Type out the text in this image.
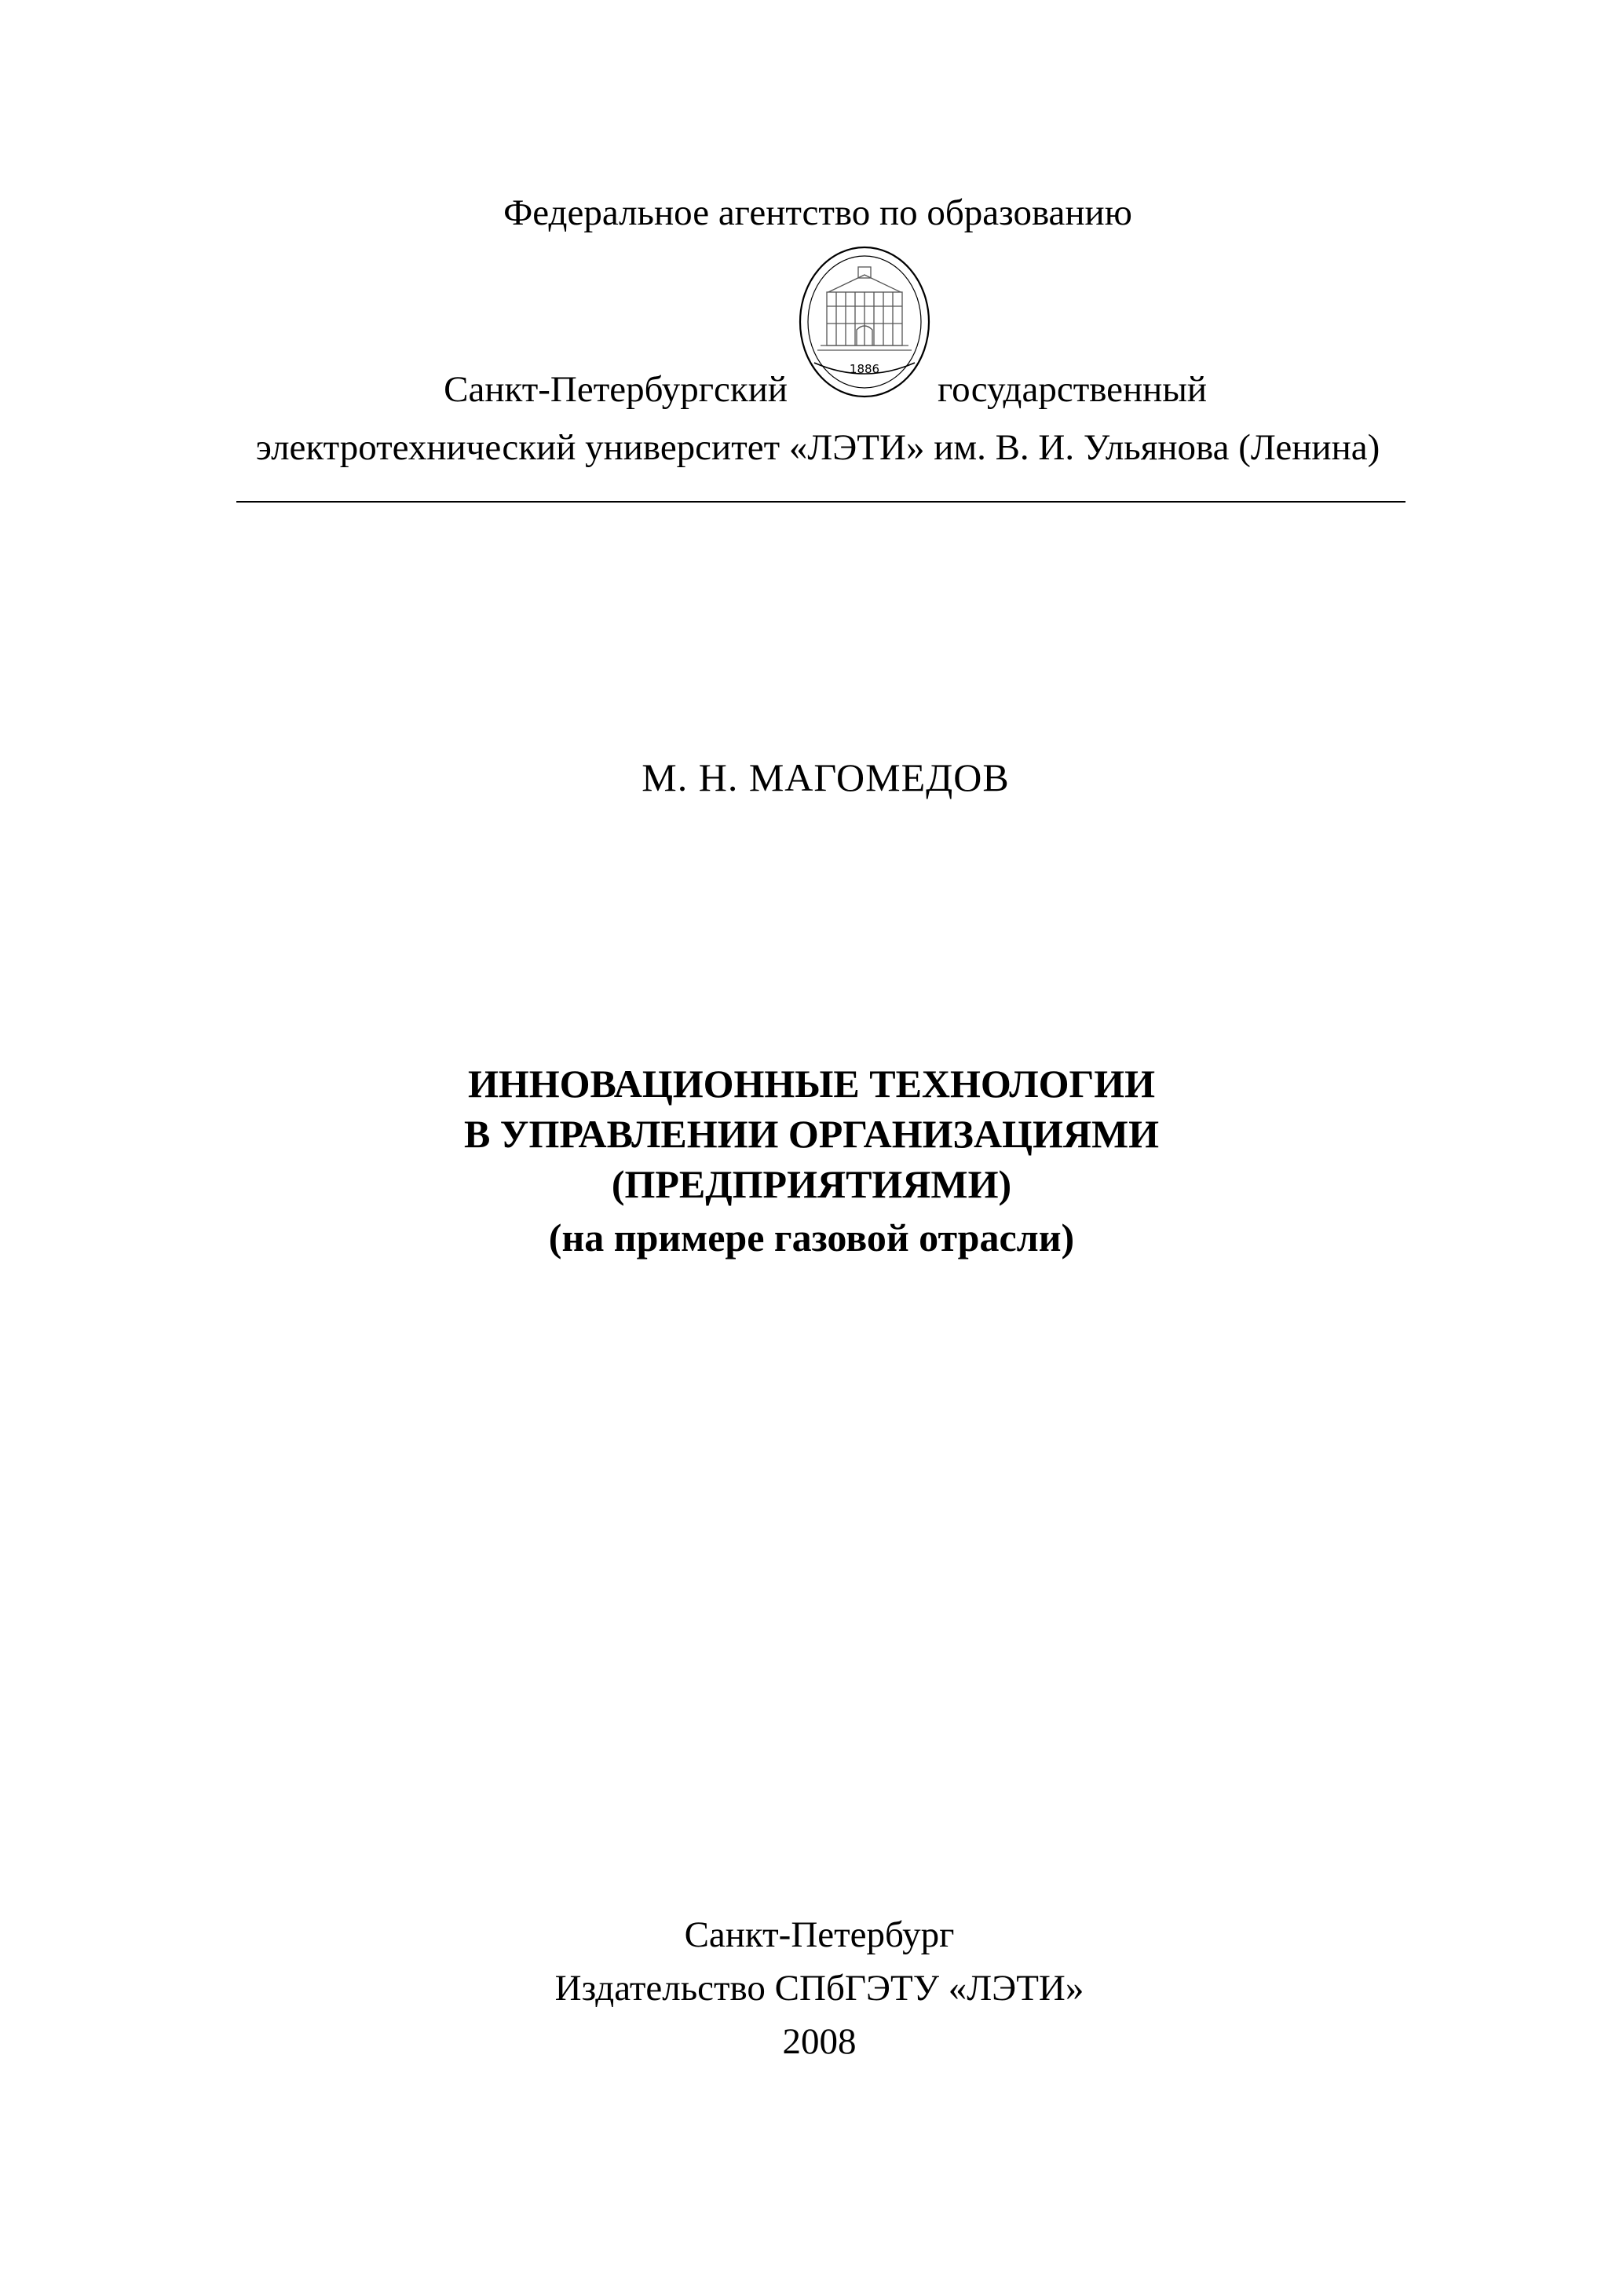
Федеральное агентство по образованию
1886
Санкт-Петербургский	государственный
электротехнический университет «ЛЭТИ» им. В. И. Ульянова (Ленина)
М. Н. МАГОМЕДОВ
ИННОВАЦИОННЫЕ ТЕХНОЛОГИИ
В УПРАВЛЕНИИ ОРГАНИЗАЦИЯМИ
(ПРЕДПРИЯТИЯМИ)
(на примере газовой отрасли)
Санкт-Петербург
Издательство СПбГЭТУ «ЛЭТИ»
2008
